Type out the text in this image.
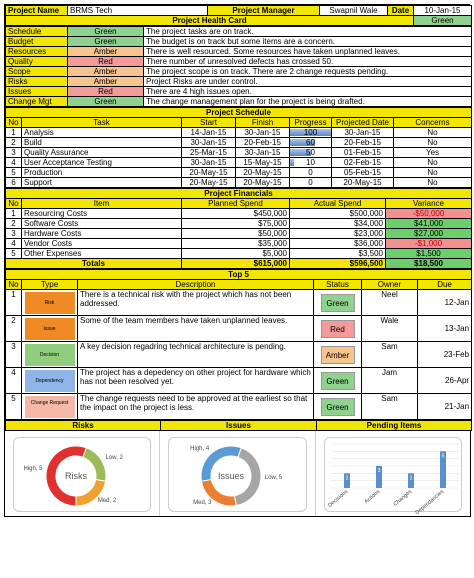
Project Name	BRMS Tech	Project Manager	Swapnil Wale	Date	10-Jan-15
Project Health Card					Green
Schedule	Green	The project tasks are on track.
Budget	Green	The budget is on track but some items are a concern.
Resources	Amber	There is well resourced. Some resources have taken unplanned leaves.
Quality	Red	There number of unresolved defects has crossed 50.
Scope	Amber	The project scope is on track. There are 2 change requests pending.
Risks	Amber	Project Risks are under control.
Issues	Red	There are 4 high issues open.
Change Mgt	Green	The change management plan for the project is being drafted.
Project Schedule						
No	Task	Start	Finish	Progress	Projected Date	Concerns
1	Analysis	14-Jan-15	30-Jan-15	100	30-Jan-15	No
2	Build	30-Jan-15	20-Feb-15	60	20-Feb-15	No
3	Quality Assurance	25-Mar-15	30-Jan-15	50	01-Feb-15	Yes
4	User Acceptance Testing	30-Jan-15	15-May-15	10	02-Feb-15	No
5	Production	20-May-15	20-May-15	0	05-Feb-15	No
6	Support	20-May-15	20-May-15	0	20-May-15	No
Project Financials				
No	Item	Planned Spend	Actual Spend	Variance
1	Resourcing Costs	$450,000	$500,000	-$50,000
2	Software Costs	$75,000	$34,000	$41,000
3	Hardware Costs	$50,000	$23,000	$27,000
4	Vendor Costs	$35,000	$36,000	-$1,000
5	Other Expenses	$5,000	$3,500	$1,500
Totals		$615,000	$596,500	$18,500
Top 5					
No	Type	Description	Status	Owner	Due
1	Risk	There is a technical risk with the project which has not been addressed.	Green	Neel	12-Jan
2	Issue	Some of the team members have taken unplanned leaves.	Red	Wale	13-Jan
3	Decision	A key decision regadring technical architecture is pending.	Amber	Sam	23-Feb
4	Dependency	The project has a depedency on other project for hardware which has not been resolved yet.	Green	Jam	26-Apr
5	Change Request	The change requests need to be approved at the earliest so that the impact on the project is less.	Green	Sam	21-Jan
Risks	Issues	Pending Items
Low, 2
Med, 2
High, 5
Risks	Low, 5
Med, 3
High, 4
Issues	2
Decisions
3
Actions
2
Changes
5
Dependancies
